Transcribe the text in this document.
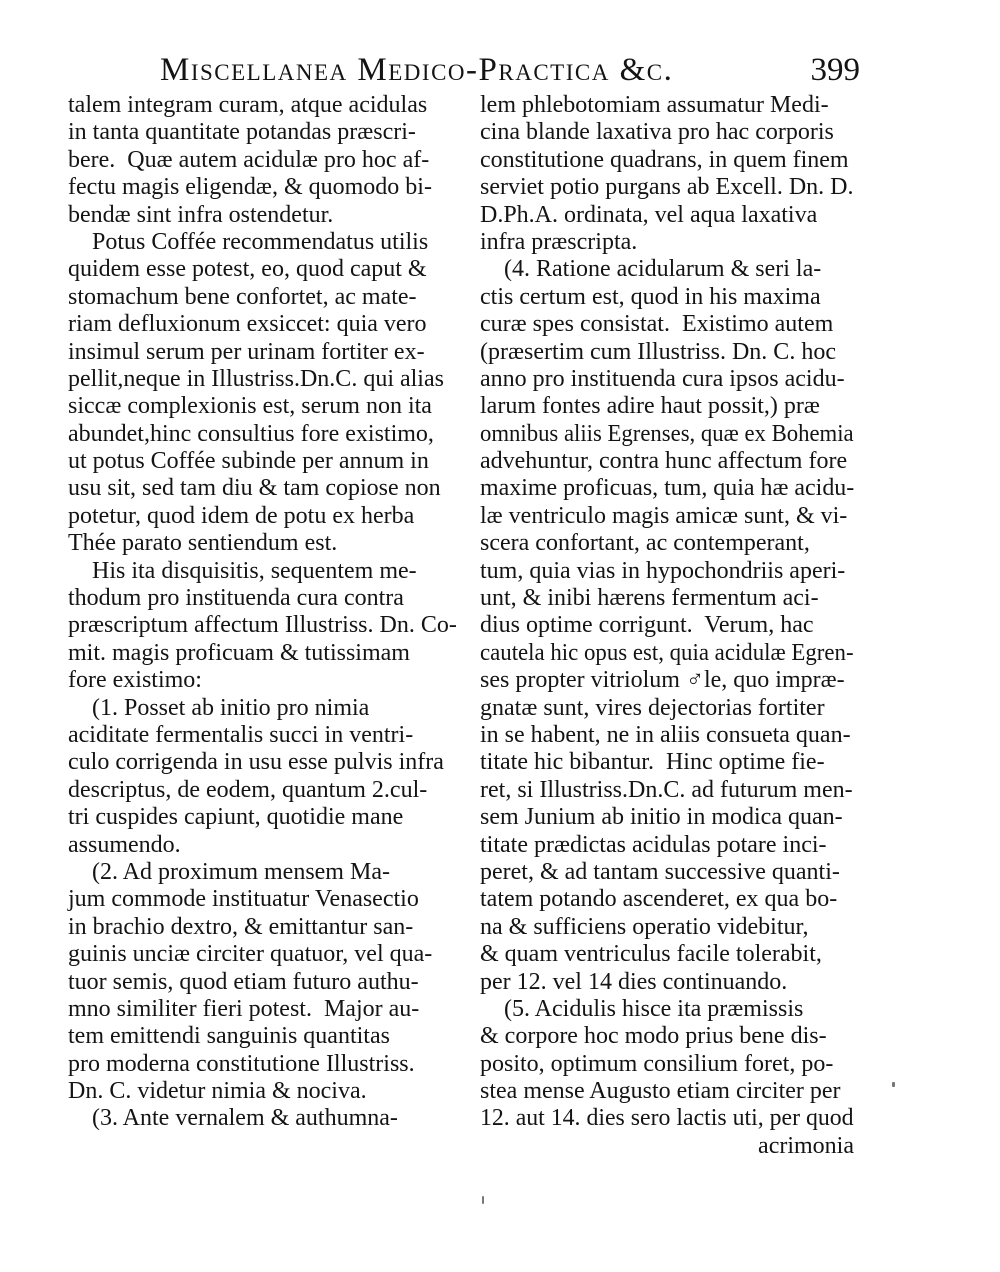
Miscellanea Medico-Practica &c.	399
talem integram curam, atque acidulas
in tanta quantitate potandas præscri-
bere.  Quæ autem acidulæ pro hoc af-
fectu magis eligendæ, & quomodo bi-
bendæ sint infra ostendetur.
Potus Coffée recommendatus utilis
quidem esse potest, eo, quod caput &
stomachum bene confortet, ac mate-
riam defluxionum exsiccet: quia vero
insimul serum per urinam fortiter ex-
pellit,neque in Illustriss.Dn.C. qui alias
siccæ complexionis est, serum non ita
abundet,hinc consultius fore existimo,
ut potus Coffée subinde per annum in
usu sit, sed tam diu & tam copiose non
potetur, quod idem de potu ex herba
Thée parato sentiendum est.
His ita disquisitis, sequentem me-
thodum pro instituenda cura contra
præscriptum affectum Illustriss. Dn. Co-
mit. magis proficuam & tutissimam
fore existimo:
(1. Posset ab initio pro nimia
aciditate fermentalis succi in ventri-
culo corrigenda in usu esse pulvis infra
descriptus, de eodem, quantum 2.cul-
tri cuspides capiunt, quotidie mane
assumendo.
(2. Ad proximum mensem Ma-
jum commode instituatur Venasectio
in brachio dextro, & emittantur san-
guinis unciæ circiter quatuor, vel qua-
tuor semis, quod etiam futuro authu-
mno similiter fieri potest.  Major au-
tem emittendi sanguinis quantitas
pro moderna constitutione Illustriss.
Dn. C. videtur nimia & nociva.
(3. Ante vernalem & authumna-
lem phlebotomiam assumatur Medi-
cina blande laxativa pro hac corporis
constitutione quadrans, in quem finem
serviet potio purgans ab Excell. Dn. D.
D.Ph.A. ordinata, vel aqua laxativa
infra præscripta.
(4. Ratione acidularum & seri la-
ctis certum est, quod in his maxima
curæ spes consistat.  Existimo autem
(præsertim cum Illustriss. Dn. C. hoc
anno pro instituenda cura ipsos acidu-
larum fontes adire haut possit,) præ
omnibus aliis Egrenses, quæ ex Bohemia
advehuntur, contra hunc affectum fore
maxime proficuas, tum, quia hæ acidu-
læ ventriculo magis amicæ sunt, & vi-
scera confortant, ac contemperant,
tum, quia vias in hypochondriis aperi-
unt, & inibi hærens fermentum aci-
dius optime corrigunt.  Verum, hac
cautela hic opus est, quia acidulæ Egren-
ses propter vitriolum ♂le, quo impræ-
gnatæ sunt, vires dejectorias fortiter
in se habent, ne in aliis consueta quan-
titate hic bibantur.  Hinc optime fie-
ret, si Illustriss.Dn.C. ad futurum men-
sem Junium ab initio in modica quan-
titate prædictas acidulas potare inci-
peret, & ad tantam successive quanti-
tatem potando ascenderet, ex qua bo-
na & sufficiens operatio videbitur,
& quam ventriculus facile tolerabit,
per 12. vel 14 dies continuando.
(5. Acidulis hisce ita præmissis
& corpore hoc modo prius bene dis-
posito, optimum consilium foret, po-
stea mense Augusto etiam circiter per
12. aut 14. dies sero lactis uti, per quod
acrimonia
